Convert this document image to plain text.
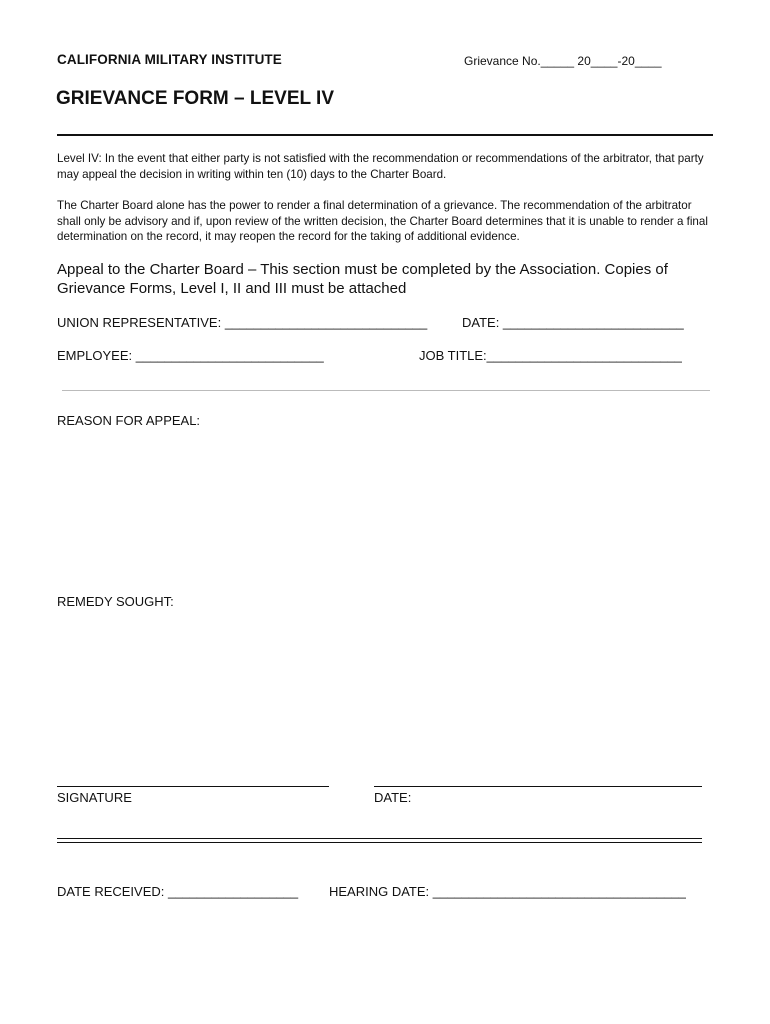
CALIFORNIA MILITARY INSTITUTE	Grievance No._____ 20____-20____
GRIEVANCE FORM – LEVEL IV
Level IV: In the event that either party is not satisfied with the recommendation or recommendations of the arbitrator, that party may appeal the decision in writing within ten (10) days to the Charter Board.
The Charter Board alone has the power to render a final determination of a grievance. The recommendation of the arbitrator shall only be advisory and if, upon review of the written decision, the Charter Board determines that it is unable to render a final determination on the record, it may reopen the record for the taking of additional evidence.
Appeal to the Charter Board – This section must be completed by the Association. Copies of Grievance Forms, Level I, II and III must be attached
UNION REPRESENTATIVE: ____________________________	DATE: _________________________
EMPLOYEE: __________________________	JOB TITLE:___________________________
REASON FOR APPEAL:
REMEDY SOUGHT:
SIGNATURE	DATE:
DATE RECEIVED: __________________ HEARING DATE: ___________________________________
